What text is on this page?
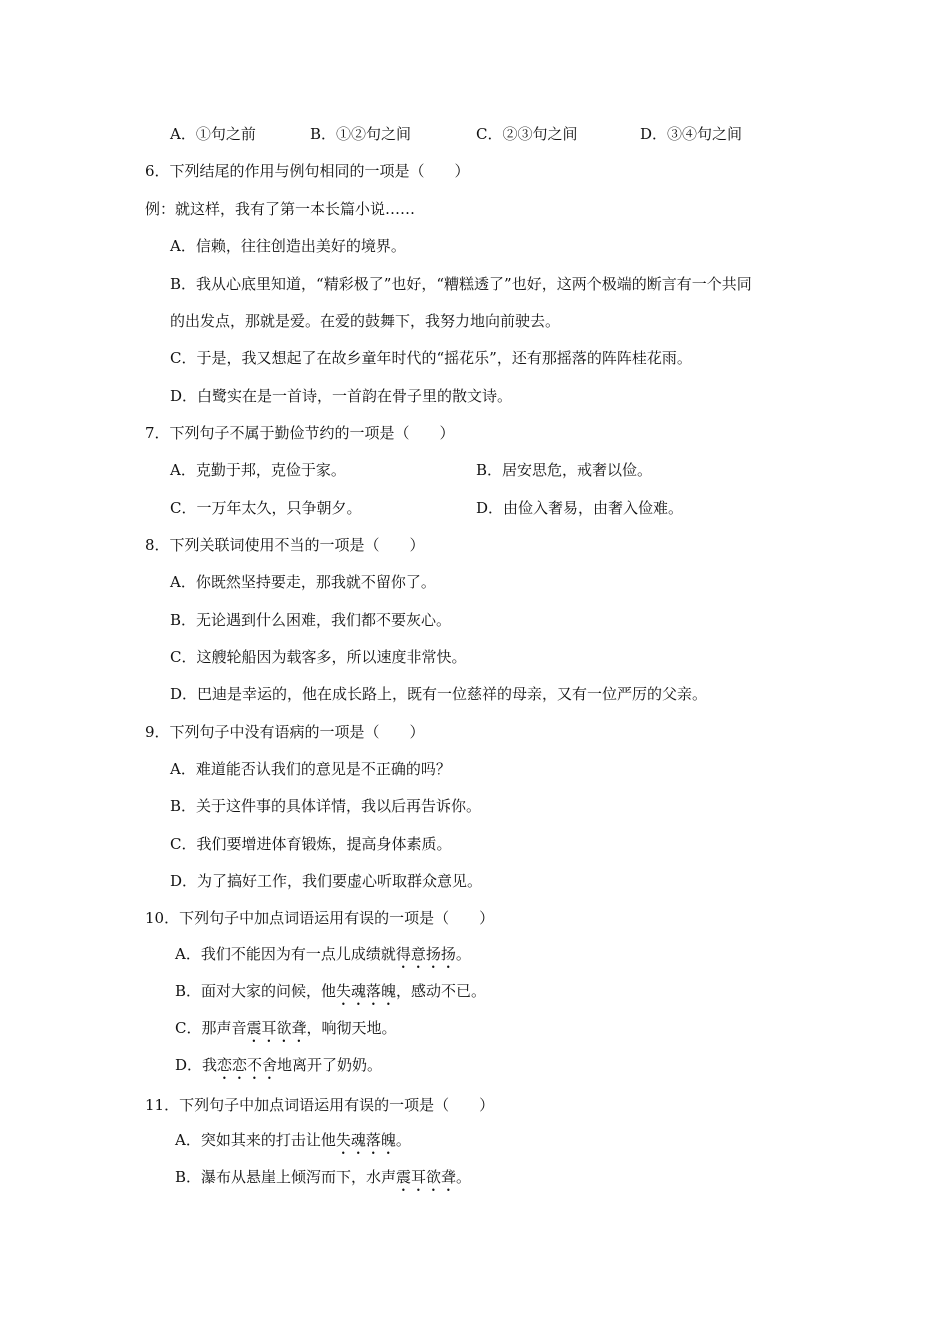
A．①句之前	B．①②句之间	C．②③句之间	D．③④句之间
6．下列结尾的作用与例句相同的一项是（　　）
例：就这样，我有了第一本长篇小说……
A．信赖，往往创造出美好的境界。
B．我从心底里知道，“精彩极了”也好，“糟糕透了”也好，这两个极端的断言有一个共同
的出发点，那就是爱。在爱的鼓舞下，我努力地向前驶去。
C．于是，我又想起了在故乡童年时代的“摇花乐”，还有那摇落的阵阵桂花雨。
D．白鹭实在是一首诗，一首韵在骨子里的散文诗。
7．下列句子不属于勤俭节约的一项是（　　）
A．克勤于邦，克俭于家。	B．居安思危，戒奢以俭。
C．一万年太久，只争朝夕。	D．由俭入奢易，由奢入俭难。
8．下列关联词使用不当的一项是（　　）
A．你既然坚持要走，那我就不留你了。
B．无论遇到什么困难，我们都不要灰心。
C．这艘轮船因为载客多，所以速度非常快。
D．巴迪是幸运的，他在成长路上，既有一位慈祥的母亲，又有一位严厉的父亲。
9．下列句子中没有语病的一项是（　　）
A．难道能否认我们的意见是不正确的吗？
B．关于这件事的具体详情，我以后再告诉你。
C．我们要增进体育锻炼，提高身体素质。
D．为了搞好工作，我们要虚心听取群众意见。
10．下列句子中加点词语运用有误的一项是（　　）
A．我们不能因为有一点儿成绩就得意扬扬。
B．面对大家的问候，他失魂落魄，感动不已。
C．那声音震耳欲聋，响彻天地。
D．我恋恋不舍地离开了奶奶。
11．下列句子中加点词语运用有误的一项是（　　）
A．突如其来的打击让他失魂落魄。
B．瀑布从悬崖上倾泻而下，水声震耳欲聋。
